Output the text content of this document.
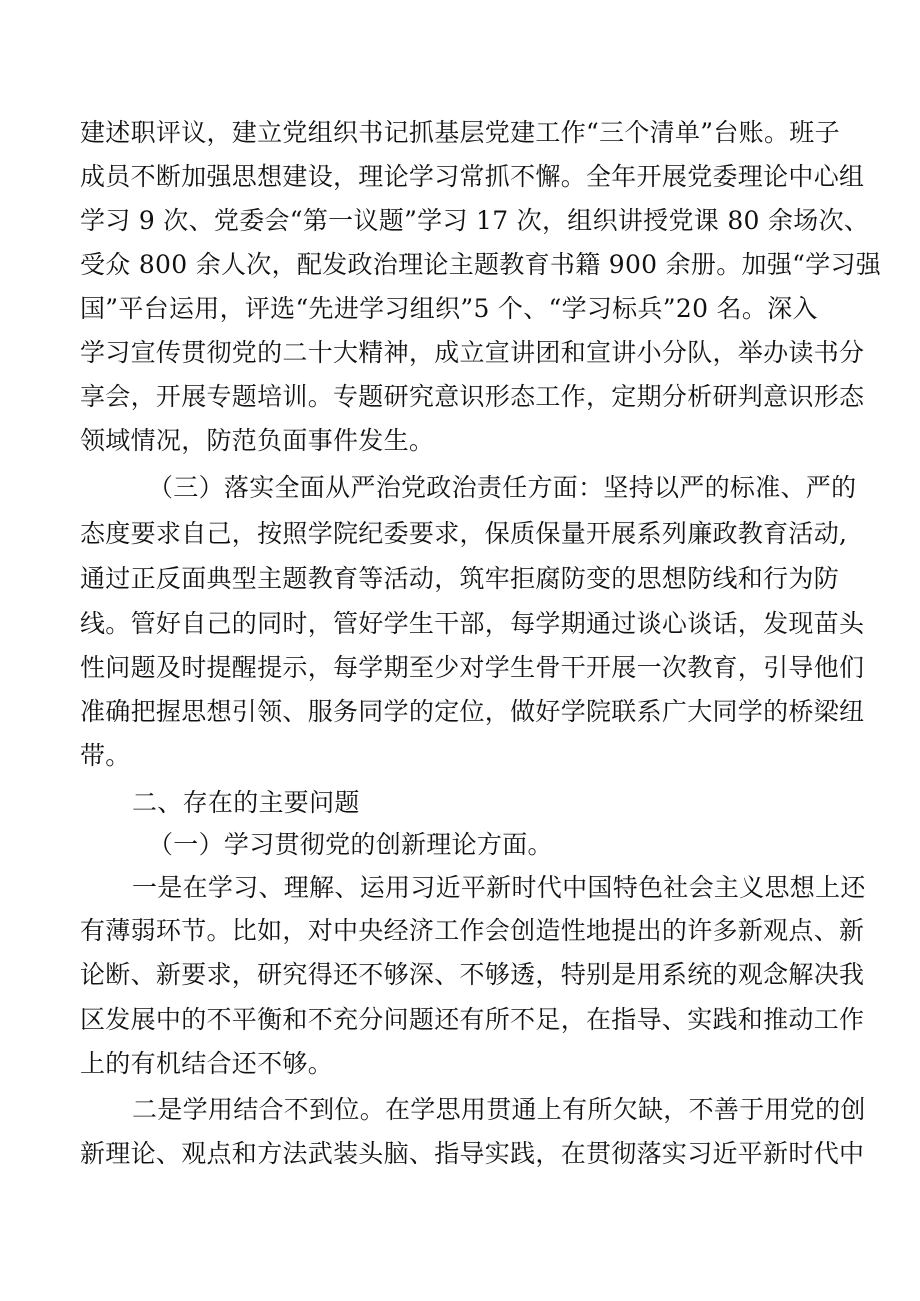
建述职评议，建立党组织书记抓基层党建工作“三个清单”台账。班子
成员不断加强思想建设，理论学习常抓不懈。全年开展党委理论中心组
学习 9 次、党委会“第一议题”学习 17 次，组织讲授党课 80 余场次、
受众 800 余人次，配发政治理论主题教育书籍 900 余册。加强“学习强
国”平台运用，评选“先进学习组织”5 个、“学习标兵”20 名。深入
学习宣传贯彻党的二十大精神，成立宣讲团和宣讲小分队，举办读书分
享会，开展专题培训。专题研究意识形态工作，定期分析研判意识形态
领域情况，防范负面事件发生。
（三）落实全面从严治党政治责任方面：坚持以严的标准、严的
态度要求自己，按照学院纪委要求，保质保量开展系列廉政教育活动,
通过正反面典型主题教育等活动，筑牢拒腐防变的思想防线和行为防
线。管好自己的同时，管好学生干部，每学期通过谈心谈话，发现苗头
性问题及时提醒提示，每学期至少对学生骨干开展一次教育，引导他们
准确把握思想引领、服务同学的定位，做好学院联系广大同学的桥梁纽
带。
二、存在的主要问题
（一）学习贯彻党的创新理论方面。
一是在学习、理解、运用习近平新时代中国特色社会主义思想上还
有薄弱环节。比如，对中央经济工作会创造性地提出的许多新观点、新
论断、新要求，研究得还不够深、不够透，特别是用系统的观念解决我
区发展中的不平衡和不充分问题还有所不足，在指导、实践和推动工作
上的有机结合还不够。
二是学用结合不到位。在学思用贯通上有所欠缺，不善于用党的创
新理论、观点和方法武装头脑、指导实践，在贯彻落实习近平新时代中
